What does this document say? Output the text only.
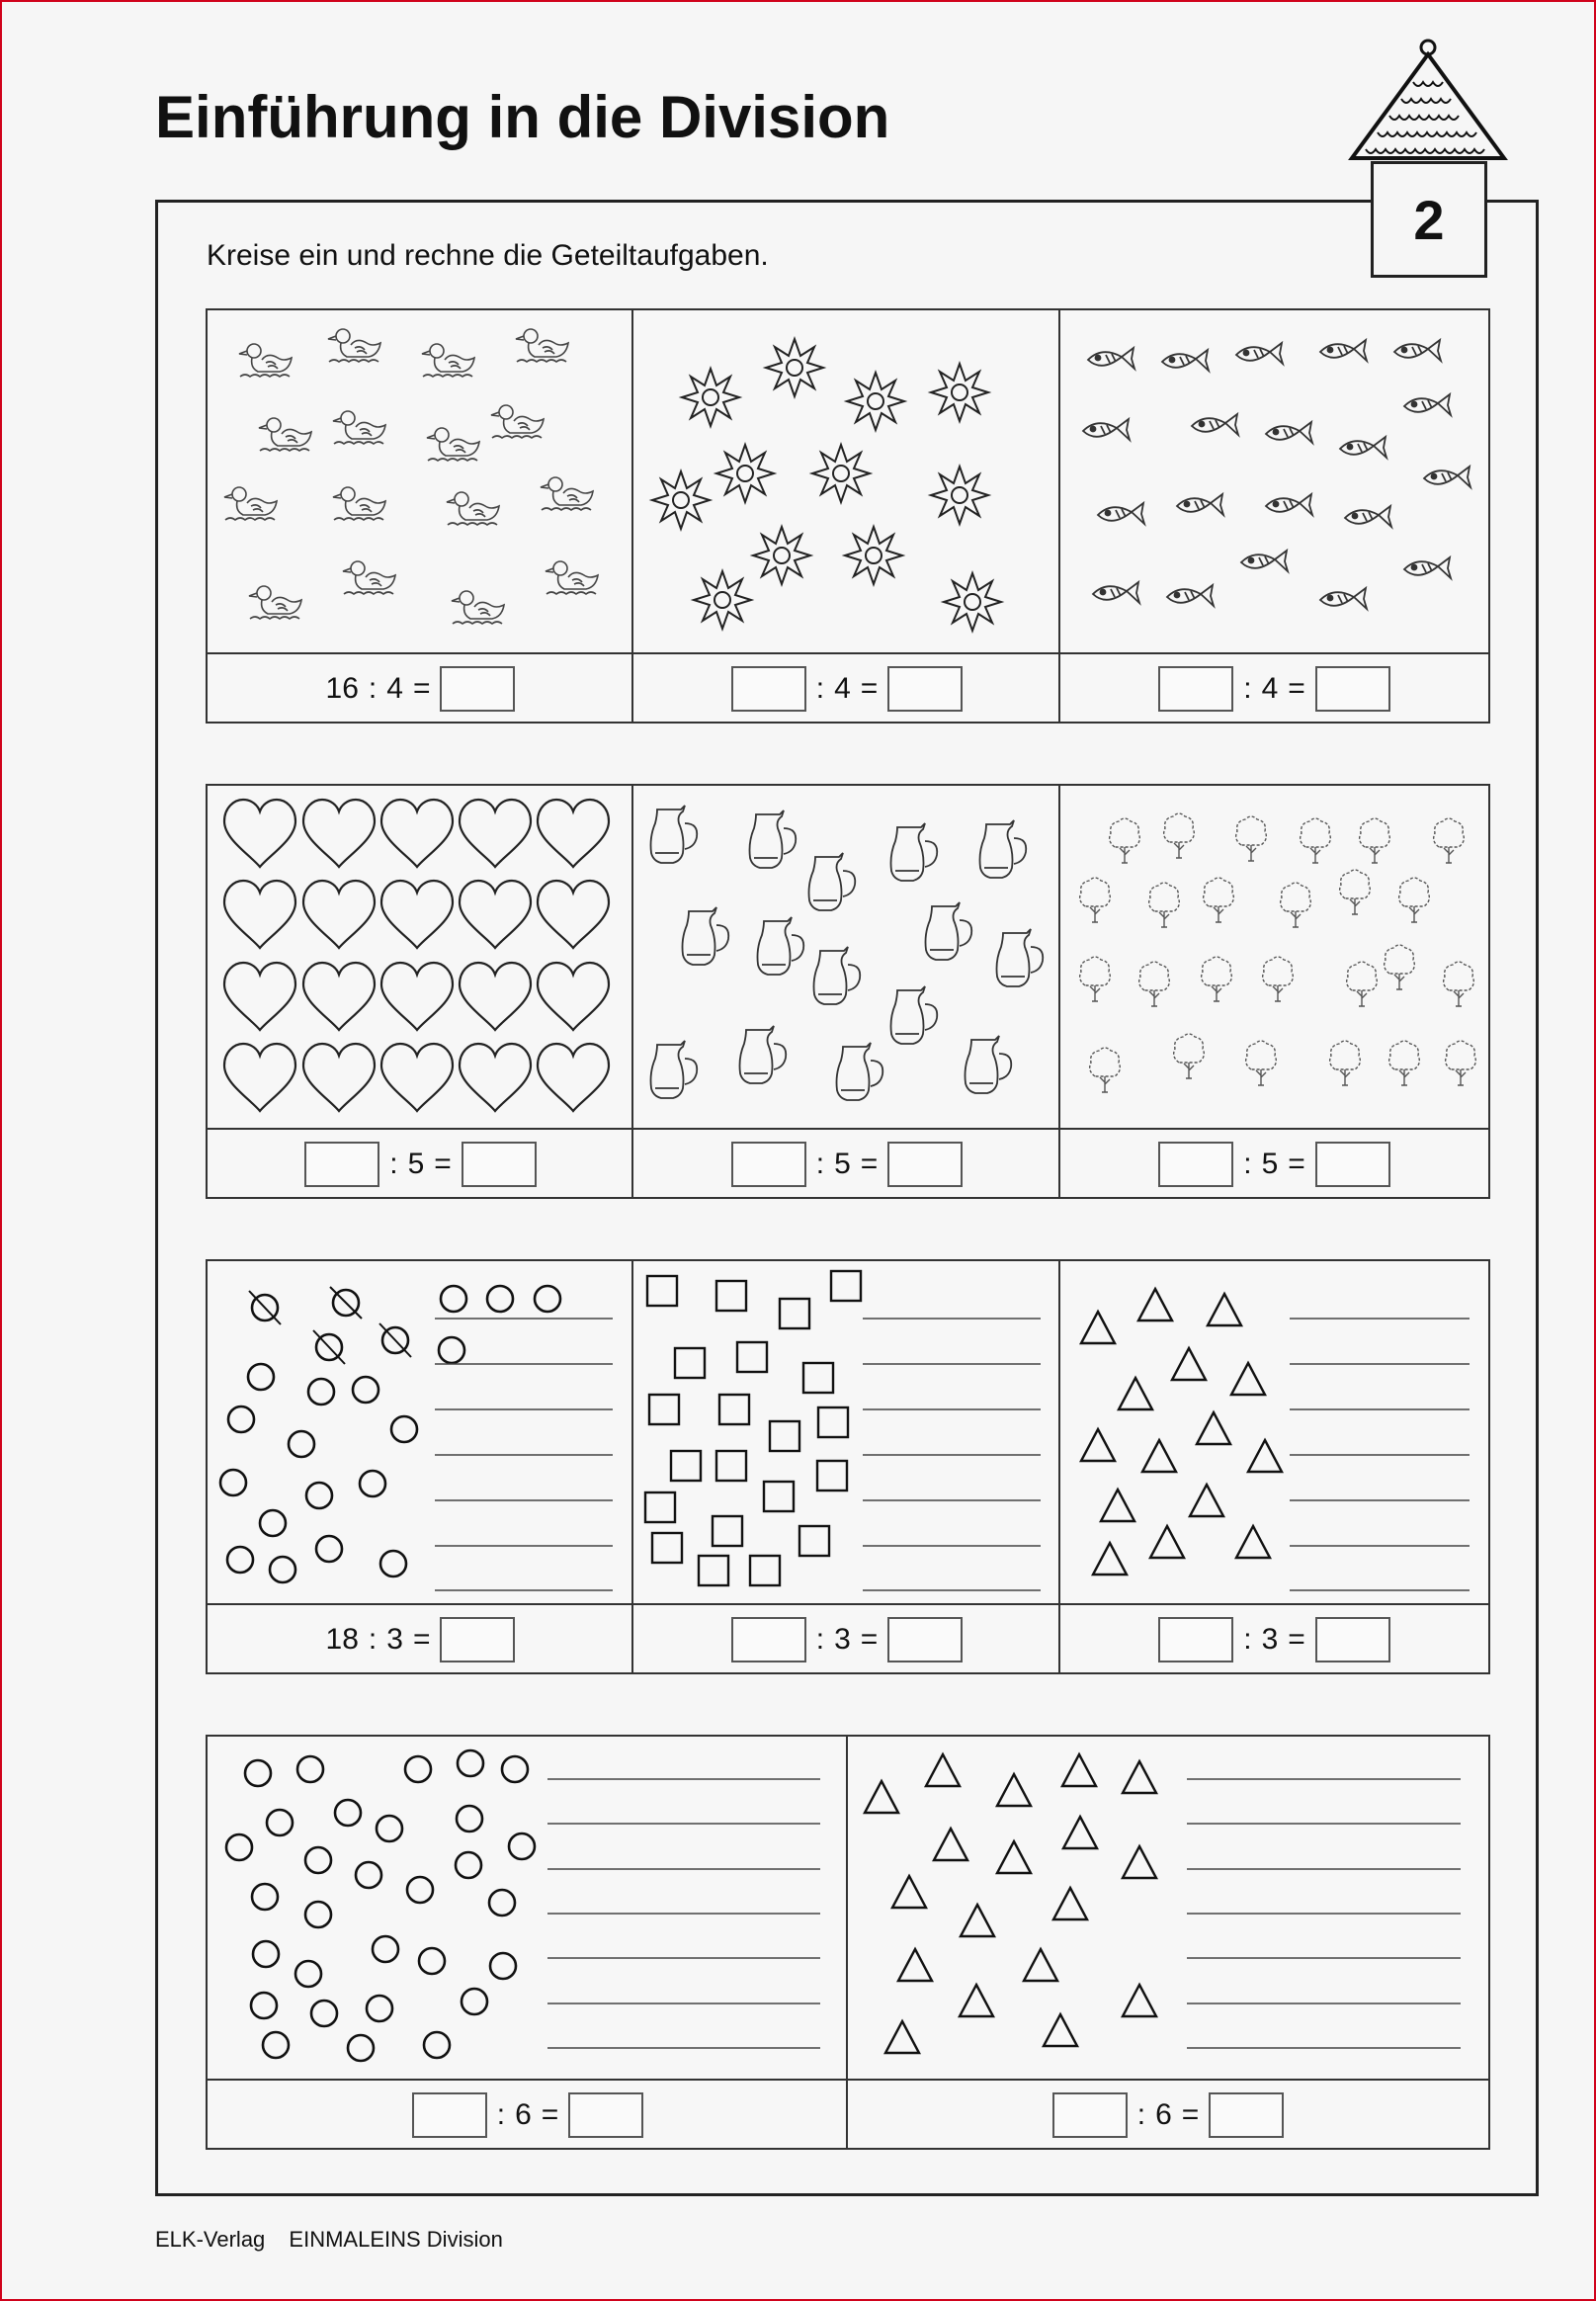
Einführung in die Division
2
Kreise ein und rechne die Geteiltaufgaben.
16 : 4 =	: 4 =	: 4 =
: 5 =	: 5 =	: 5 =
18 : 3 =	: 3 =	: 3 =
: 6 =	: 6 =
ELK-Verlag EINMALEINS Division
